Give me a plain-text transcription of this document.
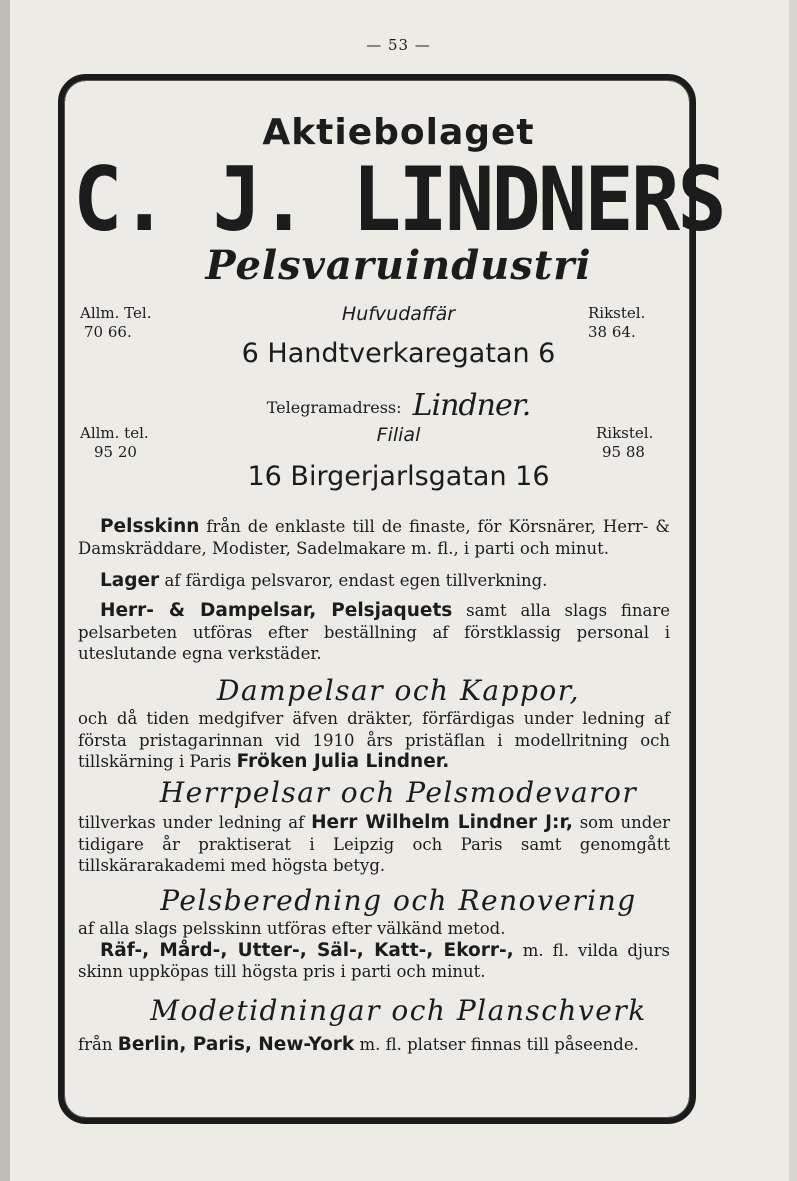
— 53 —
Aktiebolaget
C. J. LINDNERS
Pelsvaruindustri
Allm. Tel.
70 66.
Hufvudaffär	Rikstel.
38 64.
6 Handtverkaregatan 6
Telegramadress: Lindner.
Allm. tel.
95 20
Filial	Rikstel.
95 88
16 Birgerjarlsgatan 16
Pelsskinn från de enklaste till de finaste, för Körsnärer, Herr- & Damskräddare, Modister, Sadelmakare m. fl., i parti och minut.
Lager af färdiga pelsvaror, endast egen tillverkning.
Herr- & Dampelsar, Pelsjaquets samt alla slags finare pelsarbeten utföras efter beställning af förstklassig personal i uteslutande egna verkstäder.
Dampelsar och Kappor,
och då tiden medgifver äfven dräkter, förfärdigas under ledning af första pristagarinnan vid 1910 års pristäflan i modellritning och tillskärning i Paris Fröken Julia Lindner.
Herrpelsar och Pelsmodevaror
tillverkas under ledning af Herr Wilhelm Lindner J:r, som under tidigare år praktiserat i Leipzig och Paris samt genomgått tillskärarakademi med högsta betyg.
Pelsberedning och Renovering
af alla slags pelsskinn utföras efter välkänd metod.
Räf-, Mård-, Utter-, Säl-, Katt-, Ekorr-, m. fl. vilda djurs skinn uppköpas till högsta pris i parti och minut.
Modetidningar och Planschverk
från Berlin, Paris, New-York m. fl. platser finnas till påseende.
